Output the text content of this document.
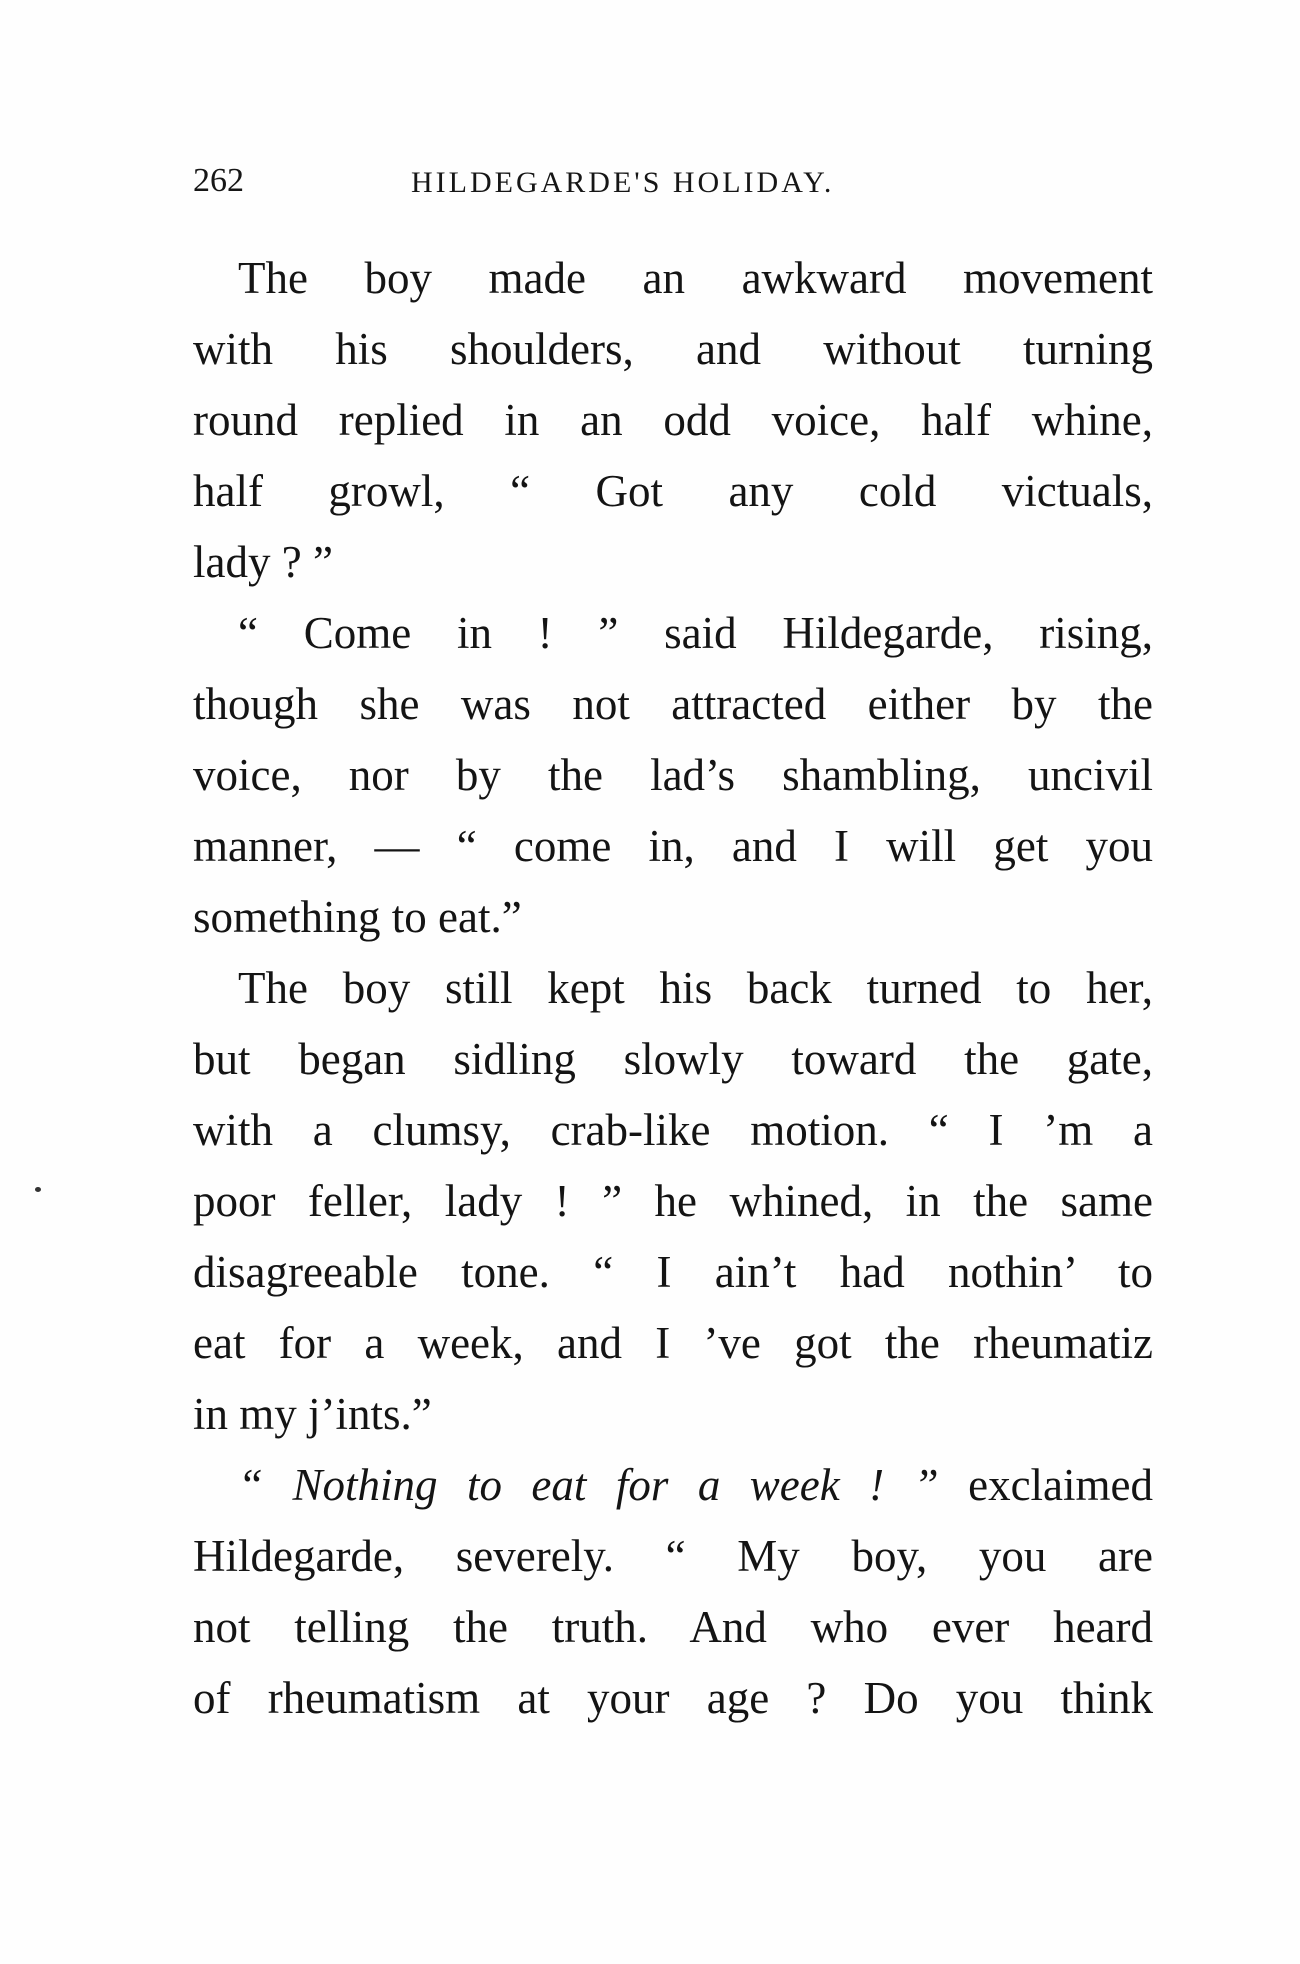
262	HILDEGARDE'S HOLIDAY.
The boy made an awkward movement
with his shoulders, and without turning
round replied in an odd voice, half whine,
half growl, “ Got any cold victuals,
lady ? ”
“ Come in ! ” said Hildegarde, rising,
though she was not attracted either by the
voice, nor by the lad’s shambling, uncivil
manner, — “ come in, and I will get you
something to eat.”
The boy still kept his back turned to her,
but began sidling slowly toward the gate,
with a clumsy, crab-like motion. “ I ’m a
poor feller, lady ! ” he whined, in the same
disagreeable tone. “ I ain’t had nothin’ to
eat for a week, and I ’ve got the rheumatiz
in my j’ints.”
“ Nothing to eat for a week ! ” exclaimed
Hildegarde, severely. “ My boy, you are
not telling the truth. And who ever heard
of rheumatism at your age ? Do you think
